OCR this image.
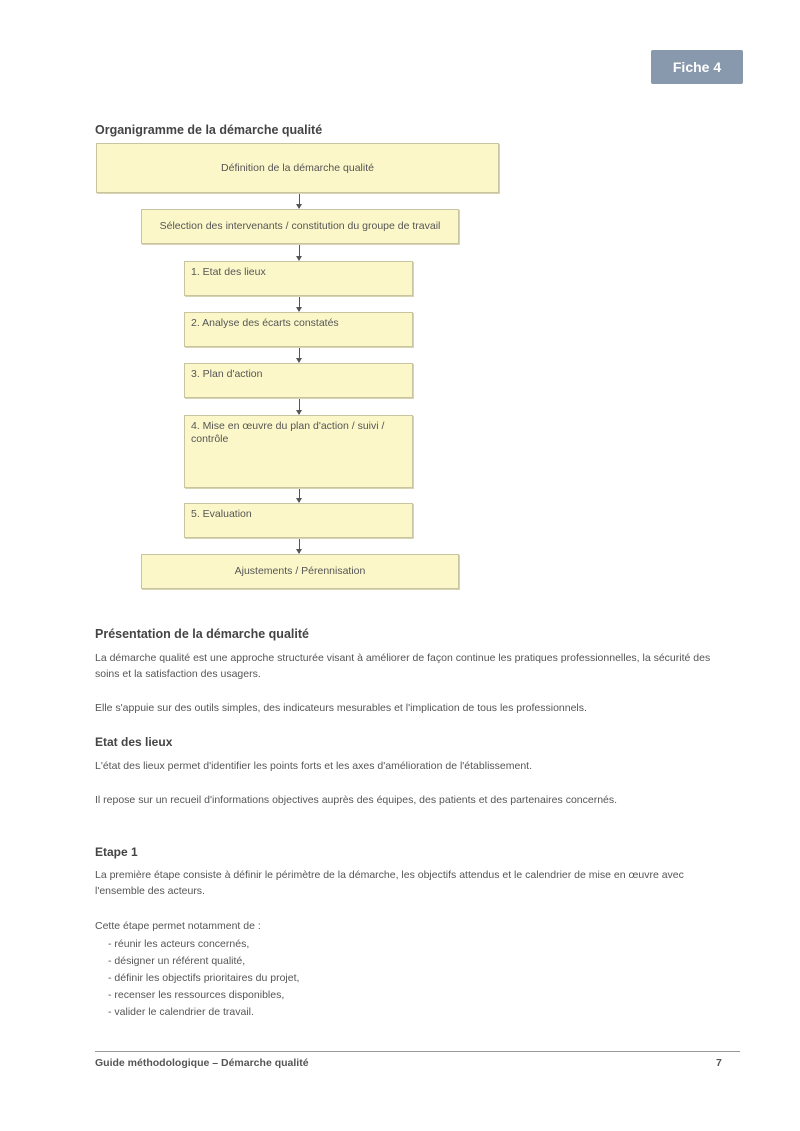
Fiche 4
Organigramme de la démarche qualité
Définition de la démarche qualité
Sélection des intervenants / constitution du groupe de travail
1. Etat des lieux
2. Analyse des écarts constatés
3. Plan d'action
4. Mise en œuvre du plan d'action / suivi / contrôle
5. Evaluation
Ajustements / Pérennisation
Présentation de la démarche qualité
La démarche qualité est une approche structurée visant à améliorer de façon continue les pratiques professionnelles, la sécurité des soins et la satisfaction des usagers.
Elle s'appuie sur des outils simples, des indicateurs mesurables et l'implication de tous les professionnels.
Etat des lieux
L'état des lieux permet d'identifier les points forts et les axes d'amélioration de l'établissement.
Il repose sur un recueil d'informations objectives auprès des équipes, des patients et des partenaires concernés.
Etape 1
La première étape consiste à définir le périmètre de la démarche, les objectifs attendus et le calendrier de mise en œuvre avec l'ensemble des acteurs.
Cette étape permet notamment de :
- réunir les acteurs concernés,
- désigner un référent qualité,
- définir les objectifs prioritaires du projet,
- recenser les ressources disponibles,
- valider le calendrier de travail.
Guide méthodologique – Démarche qualité	7
